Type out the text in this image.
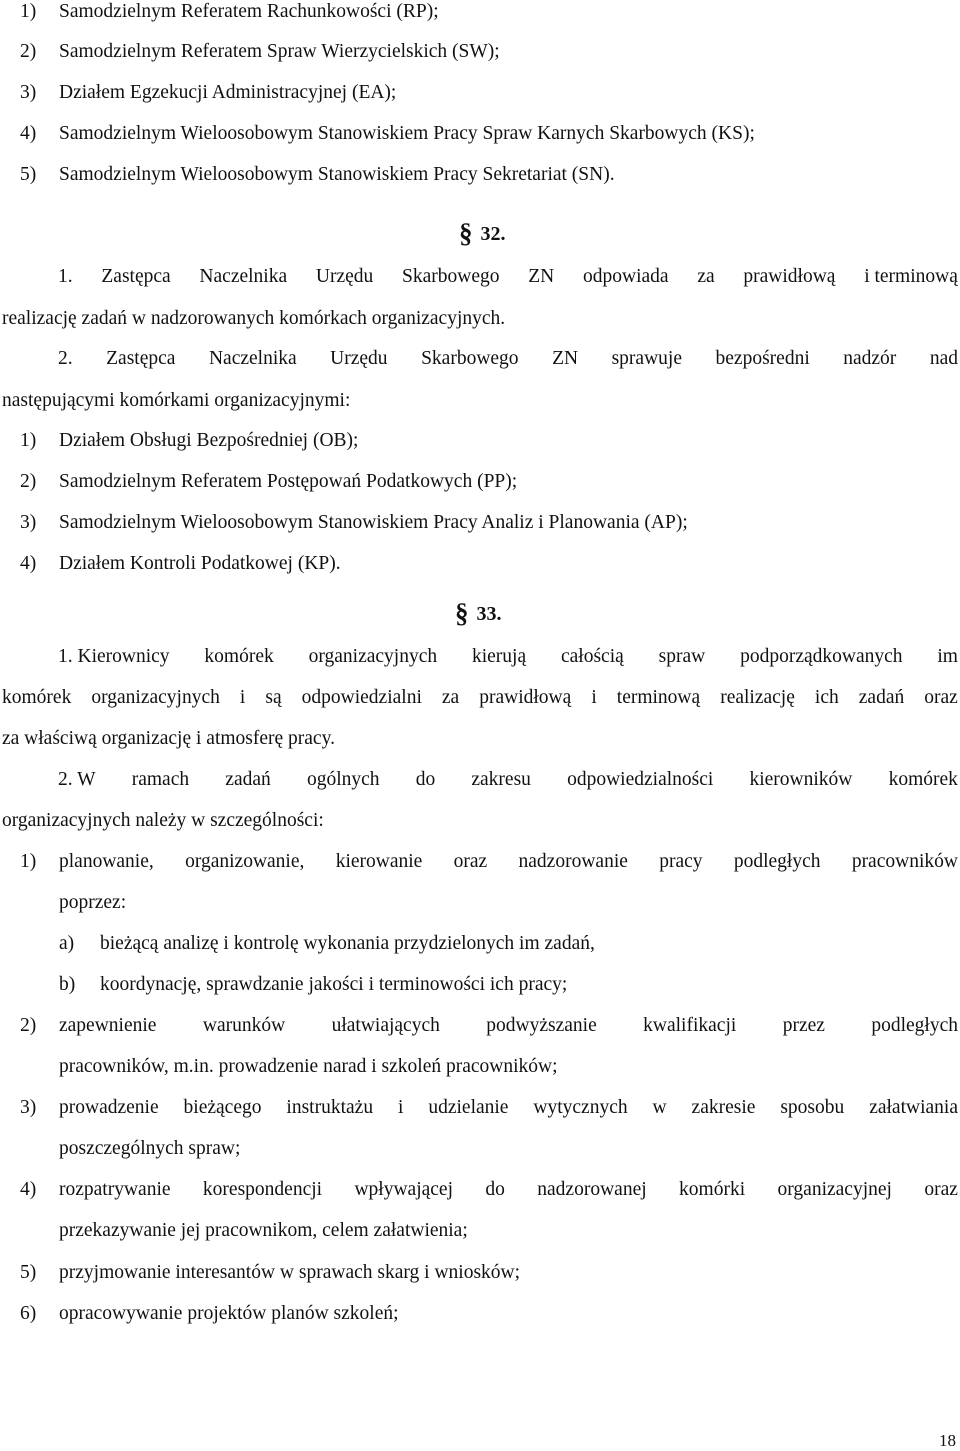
1) Samodzielnym Referatem Rachunkowości (RP);
2) Samodzielnym Referatem Spraw Wierzycielskich (SW);
3) Działem Egzekucji Administracyjnej (EA);
4) Samodzielnym Wieloosobowym Stanowiskiem Pracy Spraw Karnych Skarbowych (KS);
5) Samodzielnym Wieloosobowym Stanowiskiem Pracy Sekretariat (SN).
§ 32.
1. Zastępca Naczelnika Urzędu Skarbowego ZN odpowiada za prawidłową i terminową
realizację zadań w nadzorowanych komórkach organizacyjnych.
2. Zastępca Naczelnika Urzędu Skarbowego ZN sprawuje bezpośredni nadzór nad
następującymi komórkami organizacyjnymi:
1) Działem Obsługi Bezpośredniej (OB);
2) Samodzielnym Referatem Postępowań Podatkowych (PP);
3) Samodzielnym Wieloosobowym Stanowiskiem Pracy Analiz i Planowania (AP);
4) Działem Kontroli Podatkowej (KP).
§ 33.
1. Kierownicy komórek organizacyjnych kierują całością spraw podporządkowanych im
komórek organizacyjnych i są odpowiedzialni za prawidłową i terminową realizację ich zadań oraz
za właściwą organizację i atmosferę pracy.
2. W ramach zadań ogólnych do zakresu odpowiedzialności kierowników komórek
organizacyjnych należy w szczególności:
1) planowanie, organizowanie, kierowanie oraz nadzorowanie pracy podległych pracowników
poprzez:
a) bieżącą analizę i kontrolę wykonania przydzielonych im zadań,
b) koordynację, sprawdzanie jakości i terminowości ich pracy;
2) zapewnienie warunków ułatwiających podwyższanie kwalifikacji przez podległych
pracowników, m.in. prowadzenie narad i szkoleń pracowników;
3) prowadzenie bieżącego instruktażu i udzielanie wytycznych w zakresie sposobu załatwiania
poszczególnych spraw;
4) rozpatrywanie korespondencji wpływającej do nadzorowanej komórki organizacyjnej oraz
przekazywanie jej pracownikom, celem załatwienia;
5) przyjmowanie interesantów w sprawach skarg i wniosków;
6) opracowywanie projektów planów szkoleń;
18
